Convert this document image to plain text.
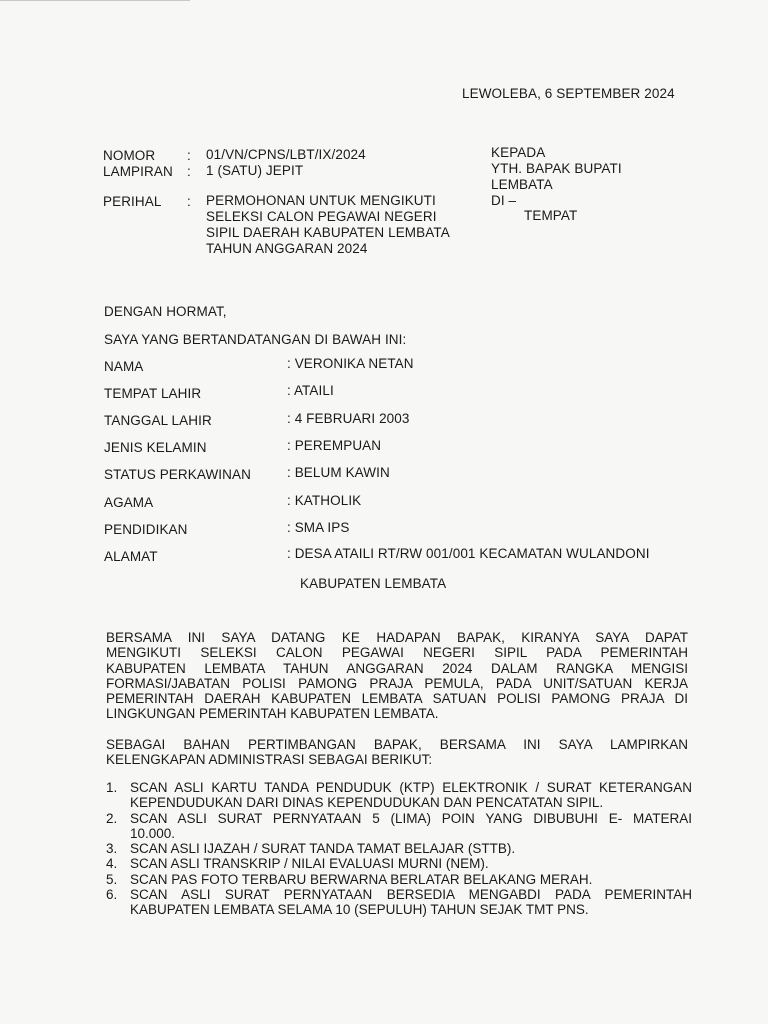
LEWOLEBA, 6 SEPTEMBER 2024
NOMOR : 01/VN/CPNS/LBT/IX/2024
LAMPIRAN : 1 (SATU) JEPIT
PERIHAL : PERMOHONAN UNTUK MENGIKUTI
SELEKSI CALON PEGAWAI NEGERI
SIPIL DAERAH KABUPATEN LEMBATA
TAHUN ANGGARAN 2024
KEPADA
YTH. BAPAK BUPATI
LEMBATA
DI –
TEMPAT
DENGAN HORMAT,
SAYA YANG BERTANDATANGAN DI BAWAH INI:
NAMA	: VERONIKA NETAN
TEMPAT LAHIR	: ATAILI
TANGGAL LAHIR	: 4 FEBRUARI 2003
JENIS KELAMIN	: PEREMPUAN
STATUS PERKAWINAN	: BELUM KAWIN
AGAMA	: KATHOLIK
PENDIDIKAN	: SMA IPS
ALAMAT	: DESA ATAILI RT/RW 001/001 KECAMATAN WULANDONI
KABUPATEN LEMBATA
BERSAMA INI SAYA DATANG KE HADAPAN BAPAK, KIRANYA SAYA DAPAT
MENGIKUTI SELEKSI CALON PEGAWAI NEGERI SIPIL PADA PEMERINTAH
KABUPATEN LEMBATA TAHUN ANGGARAN 2024 DALAM RANGKA MENGISI
FORMASI/JABATAN POLISI PAMONG PRAJA PEMULA, PADA UNIT/SATUAN KERJA
PEMERINTAH DAERAH KABUPATEN LEMBATA SATUAN POLISI PAMONG PRAJA DI
LINGKUNGAN PEMERINTAH KABUPATEN LEMBATA.
SEBAGAI BAHAN PERTIMBANGAN BAPAK, BERSAMA INI SAYA LAMPIRKAN
KELENGKAPAN ADMINISTRASI SEBAGAI BERIKUT:
1. SCAN ASLI KARTU TANDA PENDUDUK (KTP) ELEKTRONIK / SURAT KETERANGAN
KEPENDUDUKAN DARI DINAS KEPENDUDUKAN DAN PENCATATAN SIPIL.
2. SCAN ASLI SURAT PERNYATAAN 5 (LIMA) POIN YANG DIBUBUHI E- MATERAI
10.000.
3. SCAN ASLI IJAZAH / SURAT TANDA TAMAT BELAJAR (STTB).
4. SCAN ASLI TRANSKRIP / NILAI EVALUASI MURNI (NEM).
5. SCAN PAS FOTO TERBARU BERWARNA BERLATAR BELAKANG MERAH.
6. SCAN ASLI SURAT PERNYATAAN BERSEDIA MENGABDI PADA PEMERINTAH
KABUPATEN LEMBATA SELAMA 10 (SEPULUH) TAHUN SEJAK TMT PNS.
